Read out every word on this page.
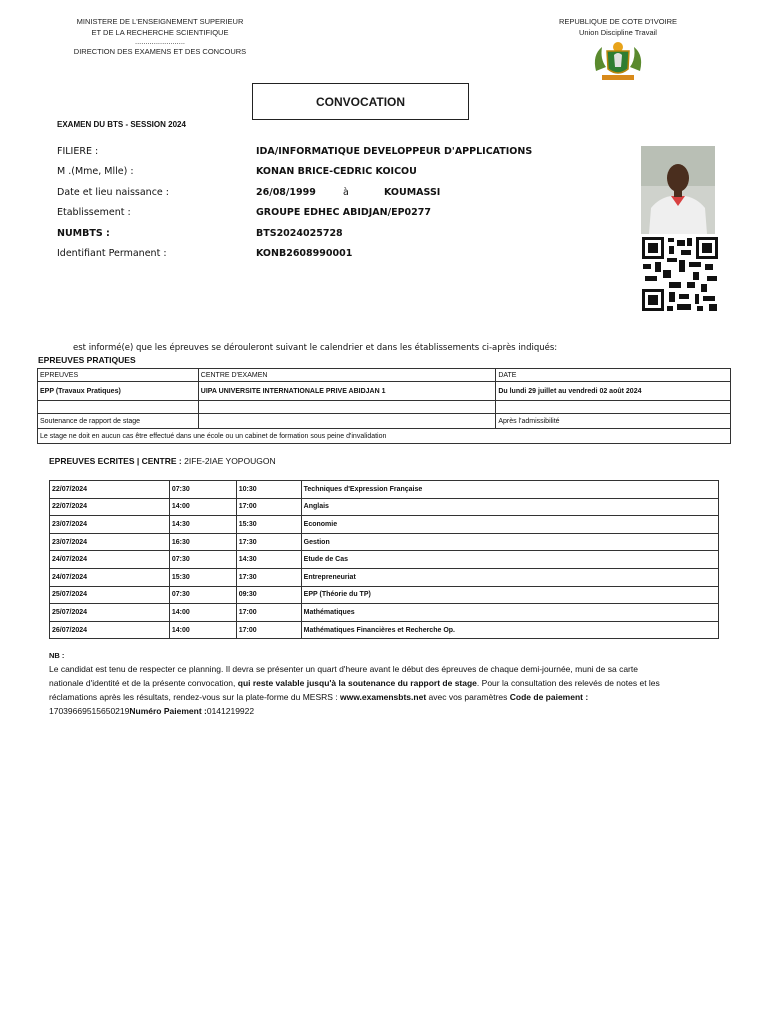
MINISTERE DE L'ENSEIGNEMENT SUPERIEUR
ET DE LA RECHERCHE SCIENTIFIQUE
........................
DIRECTION DES EXAMENS ET DES CONCOURS
REPUBLIQUE DE COTE D'IVOIRE
Union Discipline Travail
CONVOCATION
EXAMEN DU BTS - SESSION 2024
FILIERE :	IDA/INFORMATIQUE DEVELOPPEUR D'APPLICATIONS
M .(Mme, Mlle) :	KONAN BRICE-CEDRIC KOICOU
Date et lieu naissance :	26/08/1999	à	KOUMASSI
Etablissement :	GROUPE EDHEC ABIDJAN/EP0277
NUMBTS :	BTS2024025728
Identifiant Permanent :	KONB2608990001
est informé(e) que les épreuves se dérouleront suivant le calendrier et dans les établissements ci-après indiqués:
EPREUVES PRATIQUES
EPREUVES	CENTRE D'EXAMEN	DATE
EPP (Travaux Pratiques)	UIPA UNIVERSITE INTERNATIONALE PRIVE ABIDJAN 1	Du lundi 29 juillet au vendredi 02 août 2024

Soutenance de rapport de stage		Après l'admissibilité
Le stage ne doit en aucun cas être effectué dans une école ou un cabinet de formation sous peine d'invalidation		
EPREUVES ECRITES | CENTRE : 2IFE-2IAE YOPOUGON
22/07/2024	07:30	10:30	Techniques d'Expression Française
22/07/2024	14:00	17:00	Anglais
23/07/2024	14:30	15:30	Economie
23/07/2024	16:30	17:30	Gestion
24/07/2024	07:30	14:30	Etude de Cas
24/07/2024	15:30	17:30	Entrepreneuriat
25/07/2024	07:30	09:30	EPP (Théorie du TP)
25/07/2024	14:00	17:00	Mathématiques
26/07/2024	14:00	17:00	Mathématiques Financières et Recherche Op.
NB :
Le candidat est tenu de respecter ce planning. Il devra se présenter un quart d'heure avant le début des épreuves de chaque demi-journée, muni de sa carte nationale d'identité et de la présente convocation, qui reste valable jusqu'à la soutenance du rapport de stage. Pour la consultation des relevés de notes et les réclamations après les résultats, rendez-vous sur la plate-forme du MESRS : www.examensbts.net avec vos paramètres Code de paiement :
17039669515650219Numéro Paiement :0141219922
